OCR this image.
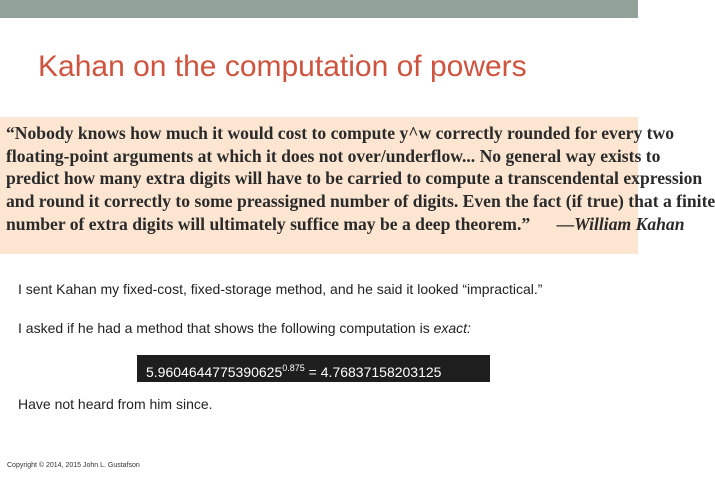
Kahan on the computation of powers
“Nobody knows how much it would cost to compute y^w correctly rounded for every two
floating-point arguments at which it does not over/underflow... No general way exists to
predict how many extra digits will have to be carried to compute a transcendental expression
and round it correctly to some preassigned number of digits. Even the fact (if true) that a finite
number of extra digits will ultimately suffice may be a deep theorem.” —William Kahan
I sent Kahan my fixed-cost, fixed-storage method, and he said it looked “impractical.”
I asked if he had a method that shows the following computation is exact:
$5.9604644775390625^{0.875} = 4.76837158203125$
Have not heard from him since.
Copyright © 2014, 2015 John L. Gustafson
